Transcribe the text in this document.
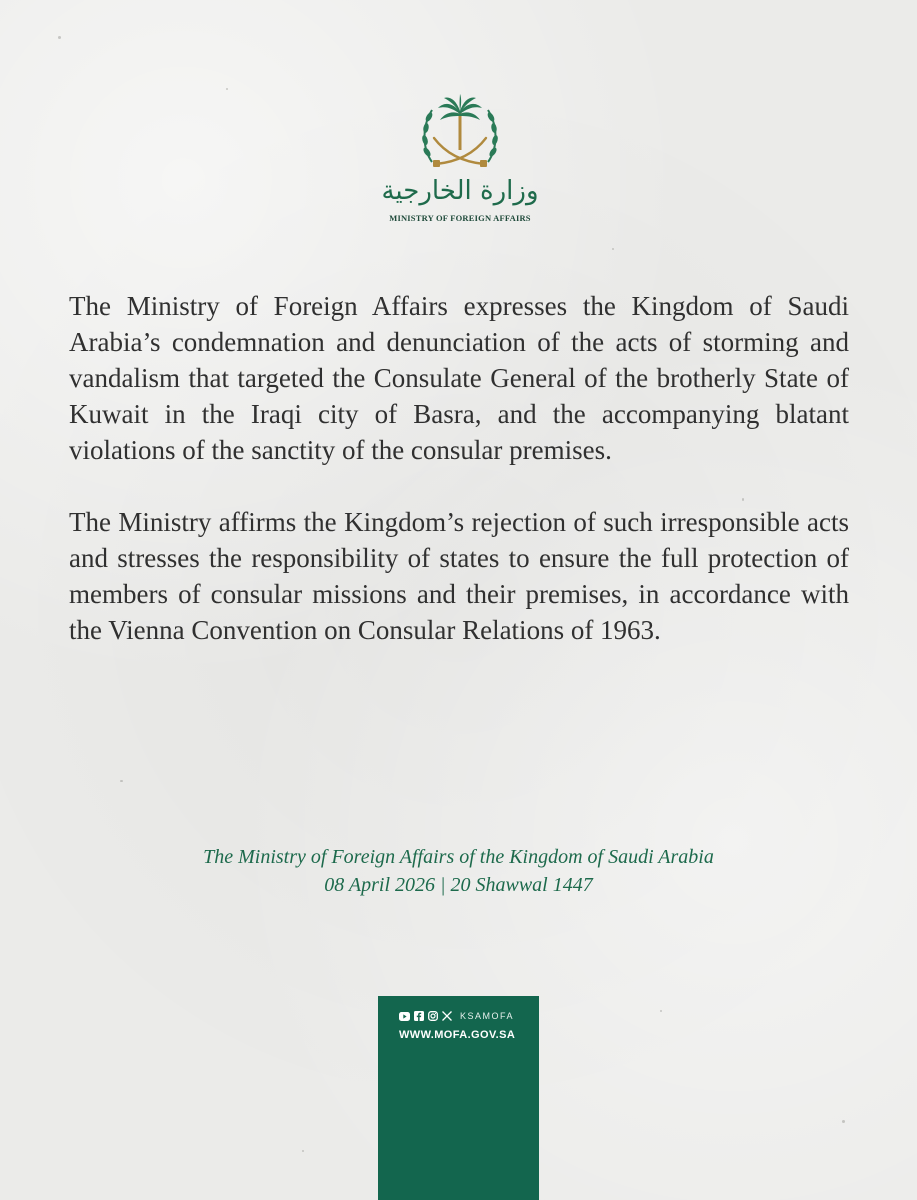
وزارة الخارجية
MINISTRY OF FOREIGN AFFAIRS

The Ministry of Foreign Affairs expresses the Kingdom of Saudi Arabia’s condemnation and denunciation of the acts of storming and vandalism that targeted the Consulate General of the brotherly State of Kuwait in the Iraqi city of Basra, and the accompanying blatant violations of the sanctity of the consular premises.

The Ministry affirms the Kingdom’s rejection of such irresponsible acts and stresses the responsibility of states to ensure the full protection of members of consular missions and their premises, in accordance with the Vienna Convention on Consular Relations of 1963.

The Ministry of Foreign Affairs of the Kingdom of Saudi Arabia
08 April 2026 | 20 Shawwal 1447
KSAMOFA
WWW.MOFA.GOV.SA
